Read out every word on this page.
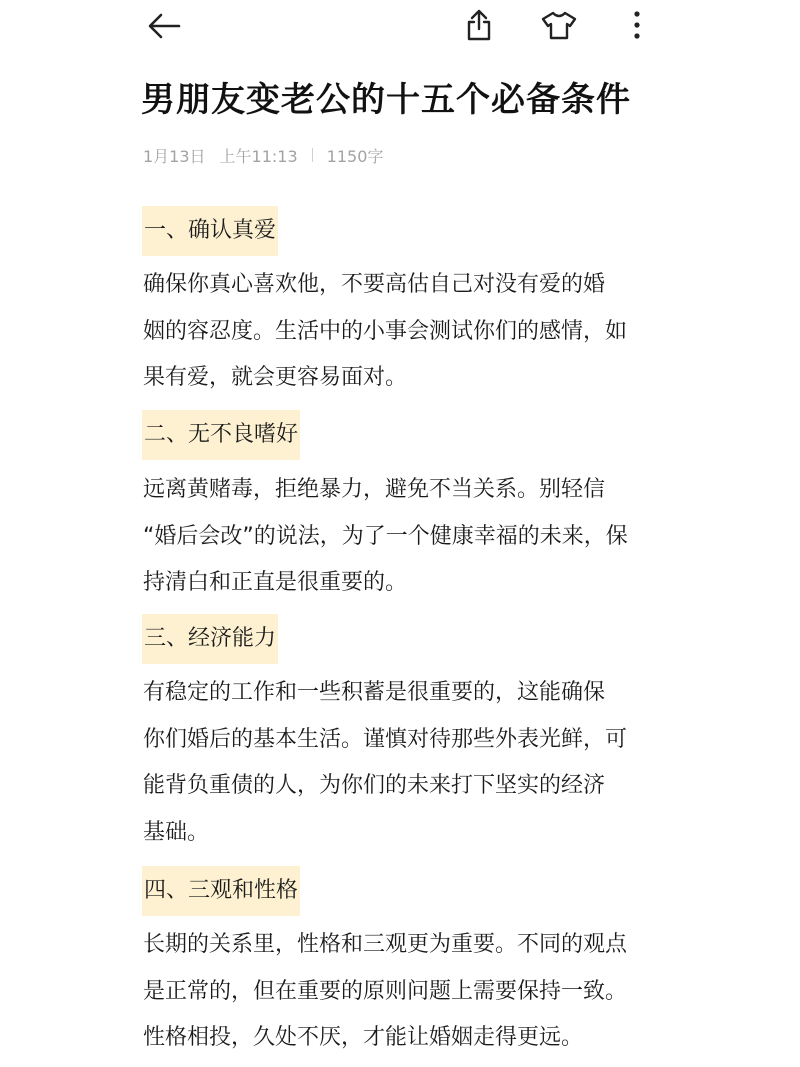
男朋友变老公的十五个必备条件
1月13日 上午11:13 1150字
一、确认真爱

确保你真心喜欢他，不要高估自己对没有爱的婚
姻的容忍度。生活中的小事会测试你们的感情，如
果有爱，就会更容易面对。

二、无不良嗜好

远离黄赌毒，拒绝暴力，避免不当关系。别轻信
“婚后会改”的说法，为了一个健康幸福的未来，保
持清白和正直是很重要的。

三、经济能力

有稳定的工作和一些积蓄是很重要的，这能确保
你们婚后的基本生活。谨慎对待那些外表光鲜，可
能背负重债的人，为你们的未来打下坚实的经济
基础。

四、三观和性格

长期的关系里，性格和三观更为重要。不同的观点
是正常的，但在重要的原则问题上需要保持一致。
性格相投，久处不厌，才能让婚姻走得更远。
